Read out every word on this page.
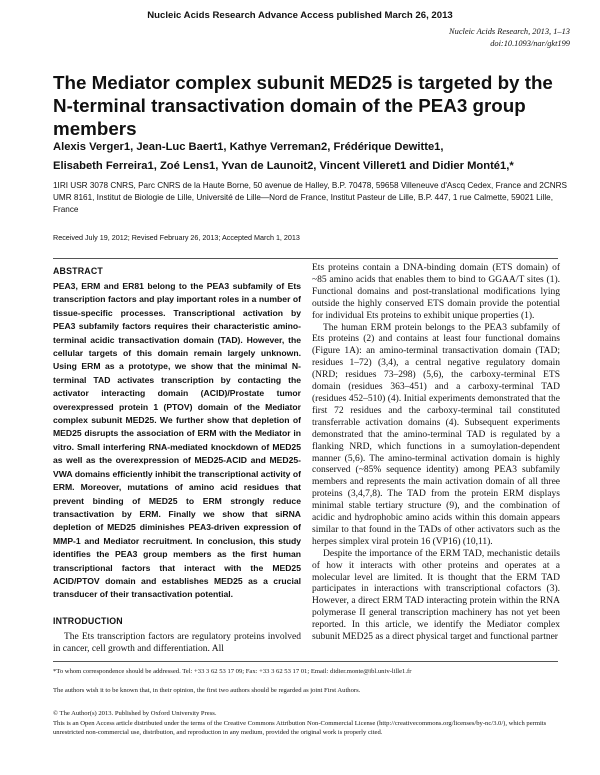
Nucleic Acids Research Advance Access published March 26, 2013
Nucleic Acids Research, 2013, 1–13
doi:10.1093/nar/gkt199
The Mediator complex subunit MED25 is targeted by the N-terminal transactivation domain of the PEA3 group members
Alexis Verger1, Jean-Luc Baert1, Kathye Verreman2, Frédérique Dewitte1,
Elisabeth Ferreira1, Zoé Lens1, Yvan de Launoit2, Vincent Villeret1 and Didier Monté1,*
1IRI USR 3078 CNRS, Parc CNRS de la Haute Borne, 50 avenue de Halley, B.P. 70478, 59658 Villeneuve d'Ascq Cedex, France and 2CNRS UMR 8161, Institut de Biologie de Lille, Université de Lille—Nord de France, Institut Pasteur de Lille, B.P. 447, 1 rue Calmette, 59021 Lille, France
Received July 19, 2012; Revised February 26, 2013; Accepted March 1, 2013
ABSTRACT
PEA3, ERM and ER81 belong to the PEA3 subfamily of Ets transcription factors and play important roles in a number of tissue-specific processes. Transcriptional activation by PEA3 subfamily factors requires their characteristic amino-terminal acidic transactivation domain (TAD). However, the cellular targets of this domain remain largely unknown. Using ERM as a prototype, we show that the minimal N-terminal TAD activates transcription by contacting the activator interacting domain (ACID)/Prostate tumor overexpressed protein 1 (PTOV) domain of the Mediator complex subunit MED25. We further show that depletion of MED25 disrupts the association of ERM with the Mediator in vitro. Small interfering RNA-mediated knockdown of MED25 as well as the overexpression of MED25-ACID and MED25-VWA domains efficiently inhibit the transcriptional activity of ERM. Moreover, mutations of amino acid residues that prevent binding of MED25 to ERM strongly reduce transactivation by ERM. Finally we show that siRNA depletion of MED25 diminishes PEA3-driven expression of MMP-1 and Mediator recruitment. In conclusion, this study identifies the PEA3 group members as the first human transcriptional factors that interact with the MED25 ACID/PTOV domain and establishes MED25 as a crucial transducer of their transactivation potential.
INTRODUCTION

The Ets transcription factors are regulatory proteins involved in cancer, cell growth and differentiation. All

Ets proteins contain a DNA-binding domain (ETS domain) of ~85 amino acids that enables them to bind to GGAA/T sites (1). Functional domains and post-translational modifications lying outside the highly conserved ETS domain provide the potential for individual Ets proteins to exhibit unique properties (1).

The human ERM protein belongs to the PEA3 subfamily of Ets proteins (2) and contains at least four functional domains (Figure 1A): an amino-terminal transactivation domain (TAD; residues 1–72) (3,4), a central negative regulatory domain (NRD; residues 73–298) (5,6), the carboxy-terminal ETS domain (residues 363–451) and a carboxy-terminal TAD (residues 452–510) (4). Initial experiments demonstrated that the first 72 residues and the carboxy-terminal tail constituted transferrable activation domains (4). Subsequent experiments demonstrated that the amino-terminal TAD is regulated by a flanking NRD, which functions in a sumoylation-dependent manner (5,6). The amino-terminal activation domain is highly conserved (~85% sequence identity) among PEA3 subfamily members and represents the main activation domain of all three proteins (3,4,7,8). The TAD from the protein ERM displays minimal stable tertiary structure (9), and the combination of acidic and hydrophobic amino acids within this domain appears similar to that found in the TADs of other activators such as the herpes simplex viral protein 16 (VP16) (10,11).

Despite the importance of the ERM TAD, mechanistic details of how it interacts with other proteins and operates at a molecular level are limited. It is thought that the ERM TAD participates in interactions with transcriptional cofactors (3). However, a direct ERM TAD interacting protein within the RNA polymerase II general transcription machinery has not yet been reported. In this article, we identify the Mediator complex subunit MED25 as a direct physical target and functional partner

*To whom correspondence should be addressed. Tel: +33 3 62 53 17 09; Fax: +33 3 62 53 17 01; Email: didier.monte@ibl.univ-lille1.fr
The authors wish it to be known that, in their opinion, the first two authors should be regarded as joint First Authors.
© The Author(s) 2013. Published by Oxford University Press.
This is an Open Access article distributed under the terms of the Creative Commons Attribution Non-Commercial License (http://creativecommons.org/licenses/by-nc/3.0/), which permits unrestricted non-commercial use, distribution, and reproduction in any medium, provided the original work is properly cited.
